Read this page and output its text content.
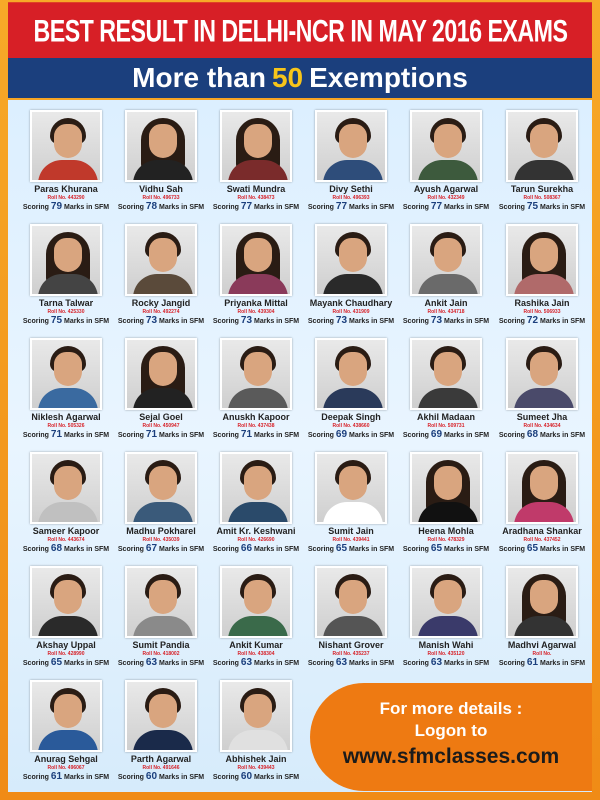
BEST RESULT IN DELHI-NCR IN MAY 2016 EXAMS
More than 50 Exemptions
Paras Khurana
Roll No. 443290
Scoring 79 Marks in SFM
Vidhu Sah
Roll No. 496733
Scoring 78 Marks in SFM
Swati Mundra
Roll No. 438473
Scoring 77 Marks in SFM
Divy Sethi
Roll No. 496393
Scoring 77 Marks in SFM
Ayush Agarwal
Roll No. 432349
Scoring 77 Marks in SFM
Tarun Surekha
Roll No. 508367
Scoring 75 Marks in SFM
Tarna Talwar
Roll No. 425330
Scoring 75 Marks in SFM
Rocky Jangid
Roll No. 492274
Scoring 73 Marks in SFM
Priyanka Mittal
Roll No. 439304
Scoring 73 Marks in SFM
Mayank Chaudhary
Roll No. 431909
Scoring 73 Marks in SFM
Ankit Jain
Roll No. 434718
Scoring 73 Marks in SFM
Rashika Jain
Roll No. 506933
Scoring 72 Marks in SFM
Niklesh Agarwal
Roll No. 505326
Scoring 71 Marks in SFM
Sejal Goel
Roll No. 450947
Scoring 71 Marks in SFM
Anuskh Kapoor
Roll No. 437438
Scoring 71 Marks in SFM
Deepak Singh
Roll No. 438660
Scoring 69 Marks in SFM
Akhil Madaan
Roll No. 509731
Scoring 69 Marks in SFM
Sumeet Jha
Roll No. 434634
Scoring 68 Marks in SFM
Sameer Kapoor
Roll No. 443674
Scoring 68 Marks in SFM
Madhu Pokharel
Roll No. 435039
Scoring 67 Marks in SFM
Amit Kr. Keshwani
Roll No. 426690
Scoring 66 Marks in SFM
Sumit Jain
Roll No. 439441
Scoring 65 Marks in SFM
Heena Mohla
Roll No. 478329
Scoring 65 Marks in SFM
Aradhana Shankar
Roll No. 437452
Scoring 65 Marks in SFM
Akshay Uppal
Roll No. 428990
Scoring 65 Marks in SFM
Sumit Pandia
Roll No. 418002
Scoring 63 Marks in SFM
Ankit Kumar
Roll No. 438304
Scoring 63 Marks in SFM
Nishant Grover
Roll No. 435237
Scoring 63 Marks in SFM
Manish Wahi
Roll No. 435120
Scoring 63 Marks in SFM
Madhvi Agarwal
Roll No.
Scoring 61 Marks in SFM
Anurag Sehgal
Roll No. 496067
Scoring 61 Marks in SFM
Parth Agarwal
Roll No. 491646
Scoring 60 Marks in SFM
Abhishek Jain
Roll No. 439443
Scoring 60 Marks in SFM
For more details :
Logon to
www.sfmclasses.com
